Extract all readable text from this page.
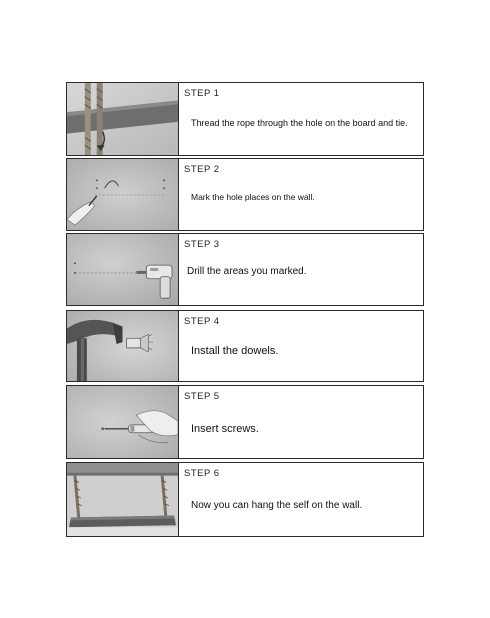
STEP 1
Thread the rope through the hole on the board and tie.
STEP 2
Mark the hole places on the wall.
STEP 3
Drill the areas you marked.
STEP 4
Install the dowels.
STEP 5
Insert screws.
STEP 6
Now you can hang the self on the wall.
